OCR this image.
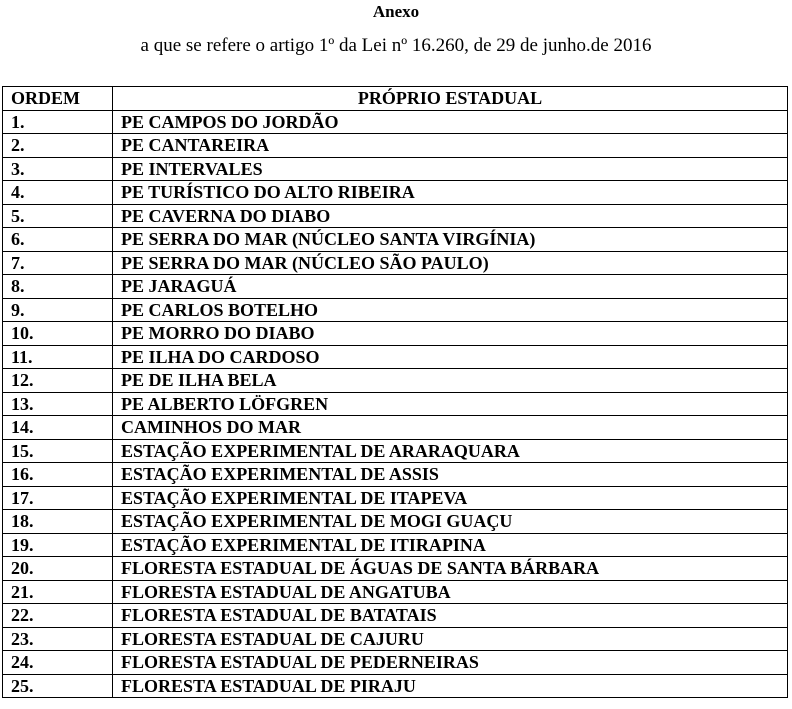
Anexo
a que se refere o artigo 1º da Lei nº 16.260, de 29 de junho.de 2016
ORDEM	PRÓPRIO ESTADUAL
1.	PE CAMPOS DO JORDÃO
2.	PE CANTAREIRA
3.	PE INTERVALES
4.	PE TURÍSTICO DO ALTO RIBEIRA
5.	PE CAVERNA DO DIABO
6.	PE SERRA DO MAR (NÚCLEO SANTA VIRGÍNIA)
7.	PE SERRA DO MAR (NÚCLEO SÃO PAULO)
8.	PE JARAGUÁ
9.	PE CARLOS BOTELHO
10.	PE MORRO DO DIABO
11.	PE ILHA DO CARDOSO
12.	PE DE ILHA BELA
13.	PE ALBERTO LÖFGREN
14.	CAMINHOS DO MAR
15.	ESTAÇÃO EXPERIMENTAL DE ARARAQUARA
16.	ESTAÇÃO EXPERIMENTAL DE ASSIS
17.	ESTAÇÃO EXPERIMENTAL DE ITAPEVA
18.	ESTAÇÃO EXPERIMENTAL DE MOGI GUAÇU
19.	ESTAÇÃO EXPERIMENTAL DE ITIRAPINA
20.	FLORESTA ESTADUAL DE ÁGUAS DE SANTA BÁRBARA
21.	FLORESTA ESTADUAL DE ANGATUBA
22.	FLORESTA ESTADUAL DE BATATAIS
23.	FLORESTA ESTADUAL DE CAJURU
24.	FLORESTA ESTADUAL DE PEDERNEIRAS
25.	FLORESTA ESTADUAL DE PIRAJU
